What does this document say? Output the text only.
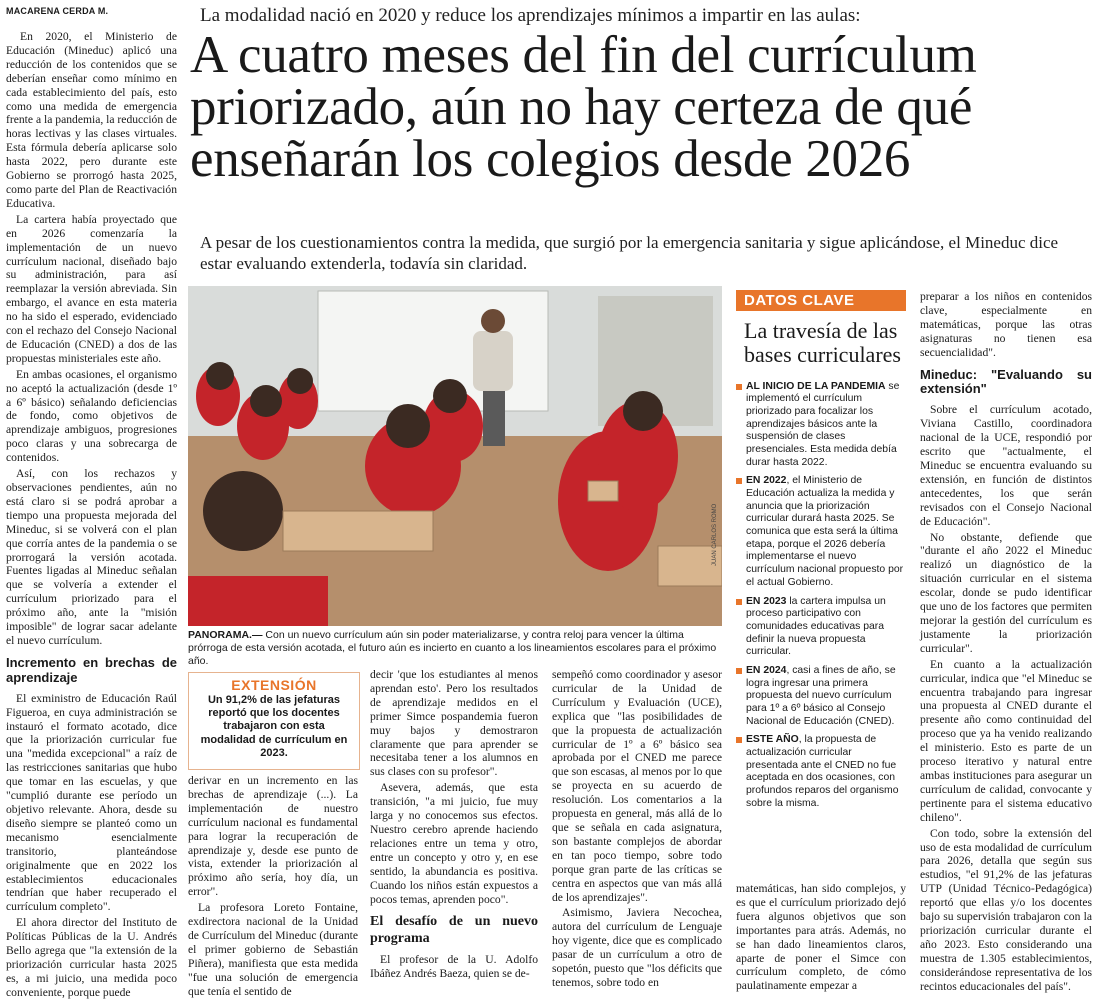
MACARENA CERDA M.	La modalidad nació en 2020 y reduce los aprendizajes mínimos a impartir en las aulas:
A cuatro meses del fin del currículum priorizado, aún no hay certeza de qué enseñarán los colegios desde 2026
A pesar de los cuestionamientos contra la medida, que surgió por la emergencia sanitaria y sigue aplicándose, el Mineduc dice estar evaluando extenderla, todavía sin claridad.

En 2020, el Ministerio de Educación (Mineduc) aplicó una reducción de los contenidos que se deberían enseñar como mínimo en cada establecimiento del país, esto como una medida de emergencia frente a la pandemia, la reducción de horas lectivas y las clases virtuales. Esta fórmula debería aplicarse solo hasta 2022, pero durante este Gobierno se prorrogó hasta 2025, como parte del Plan de Reactivación Educativa.

La cartera había proyectado que en 2026 comenzaría la implementación de un nuevo currículum nacional, diseñado bajo su administración, para así reemplazar la versión abreviada. Sin embargo, el avance en esta materia no ha sido el esperado, evidenciado con el rechazo del Consejo Nacional de Educación (CNED) a dos de las propuestas ministeriales este año.

En ambas ocasiones, el organismo no aceptó la actualización (desde 1º a 6º básico) señalando deficiencias de fondo, como objetivos de aprendizaje ambiguos, progresiones poco claras y una sobrecarga de contenidos.

Así, con los rechazos y observaciones pendientes, aún no está claro si se podrá aprobar a tiempo una propuesta mejorada del Mineduc, si se volverá con el plan que corría antes de la pandemia o se prorrogará la versión acotada. Fuentes ligadas al Mineduc señalan que se volvería a extender el currículum priorizado para el próximo año, ante la "misión imposible" de lograr sacar adelante el nuevo currículum.

Incremento en brechas de aprendizaje

El exministro de Educación Raúl Figueroa, en cuya administración se instauró el formato acotado, dice que la priorización curricular fue una "medida excepcional" a raíz de las restricciones sanitarias que hubo que tomar en las escuelas, y que "cumplió durante ese período un objetivo relevante. Ahora, desde su diseño siempre se planteó como un mecanismo esencialmente transitorio, planteándose originalmente que en 2022 los establecimientos educacionales tendrían que haber recuperado el currículum completo".

El ahora director del Instituto de Políticas Públicas de la U. Andrés Bello agrega que "la extensión de la priorización curricular hasta 2025 es, a mi juicio, una medida poco conveniente, porque puede

JUAN CARLOS ROMO
PANORAMA.— Con un nuevo currículum aún sin poder materializarse, y contra reloj para vencer la última prórroga de esta versión acotada, el futuro aún es incierto en cuanto a los lineamientos escolares para el próximo año.
EXTENSIÓN
Un 91,2% de las jefaturas reportó que los docentes trabajaron con esta modalidad de currículum en 2023.

derivar en un incremento en las brechas de aprendizaje (...). La implementación de nuestro currículum nacional es fundamental para lograr la recuperación de aprendizaje y, desde ese punto de vista, extender la priorización al próximo año sería, hoy día, un error".

La profesora Loreto Fontaine, exdirectora nacional de la Unidad de Currículum del Mineduc (durante el primer gobierno de Sebastián Piñera), manifiesta que esta medida "fue una solución de emergencia que tenía el sentido de

decir 'que los estudiantes al menos aprendan esto'. Pero los resultados de aprendizaje medidos en el primer Simce pospandemia fueron muy bajos y demostraron claramente que para aprender se necesitaba tener a los alumnos en sus clases con su profesor".

Asevera, además, que esta transición, "a mi juicio, fue muy larga y no conocemos sus efectos. Nuestro cerebro aprende haciendo relaciones entre un tema y otro, entre un concepto y otro y, en ese sentido, la abundancia es positiva. Cuando los niños están expuestos a pocos temas, aprenden poco".

El desafío de un nuevo programa

El profesor de la U. Adolfo Ibáñez Andrés Baeza, quien se de-

sempeñó como coordinador y asesor curricular de la Unidad de Currículum y Evaluación (UCE), explica que "las posibilidades de que la propuesta de actualización curricular de 1º a 6º básico sea aprobada por el CNED me parece que son escasas, al menos por lo que se proyecta en su acuerdo de resolución. Los comentarios a la propuesta en general, más allá de lo que se señala en cada asignatura, son bastante complejos de abordar en tan poco tiempo, sobre todo porque gran parte de las críticas se centra en aspectos que van más allá de los aprendizajes".

Asimismo, Javiera Necochea, autora del currículum de Lenguaje hoy vigente, dice que es complicado pasar de un currículum a otro de sopetón, puesto que "los déficits que tenemos, sobre todo en

DATOS CLAVE
La travesía de las bases curriculares
AL INICIO DE LA PANDEMIA se implementó el currículum priorizado para focalizar los aprendizajes básicos ante la suspensión de clases presenciales. Esta medida debía durar hasta 2022.
EN 2022, el Ministerio de Educación actualiza la medida y anuncia que la priorización curricular durará hasta 2025. Se comunica que esta será la última etapa, porque el 2026 debería implementarse el nuevo currículum nacional propuesto por el actual Gobierno.
EN 2023 la cartera impulsa un proceso participativo con comunidades educativas para definir la nueva propuesta curricular.
EN 2024, casi a fines de año, se logra ingresar una primera propuesta del nuevo currículum para 1º a 6º básico al Consejo Nacional de Educación (CNED).
ESTE AÑO, la propuesta de actualización curricular presentada ante el CNED no fue aceptada en dos ocasiones, con profundos reparos del organismo sobre la misma.

matemáticas, han sido complejos, y es que el currículum priorizado dejó fuera algunos objetivos que son importantes para atrás. Además, no se han dado lineamientos claros, aparte de poner el Simce con currículum completo, de cómo paulatinamente empezar a

preparar a los niños en contenidos clave, especialmente en matemáticas, porque las otras asignaturas no tienen esa secuencialidad".

Mineduc: "Evaluando su extensión"

Sobre el currículum acotado, Viviana Castillo, coordinadora nacional de la UCE, respondió por escrito que "actualmente, el Mineduc se encuentra evaluando su extensión, en función de distintos antecedentes, los que serán revisados con el Consejo Nacional de Educación".

No obstante, defiende que "durante el año 2022 el Mineduc realizó un diagnóstico de la situación curricular en el sistema escolar, donde se pudo identificar que uno de los factores que permiten mejorar la gestión del currículum es justamente la priorización curricular".

En cuanto a la actualización curricular, indica que "el Mineduc se encuentra trabajando para ingresar una propuesta al CNED durante el presente año como continuidad del proceso que ya ha venido realizando el ministerio. Esto es parte de un proceso iterativo y natural entre ambas instituciones para asegurar un currículum de calidad, convocante y pertinente para el sistema educativo chileno".

Con todo, sobre la extensión del uso de esta modalidad de currículum para 2026, detalla que según sus estudios, "el 91,2% de las jefaturas UTP (Unidad Técnico-Pedagógica) reportó que ellas y/o los docentes bajo su supervisión trabajaron con la priorización curricular durante el año 2023. Esto considerando una muestra de 1.305 establecimientos, considerándose representativa de los recintos educacionales del país".
